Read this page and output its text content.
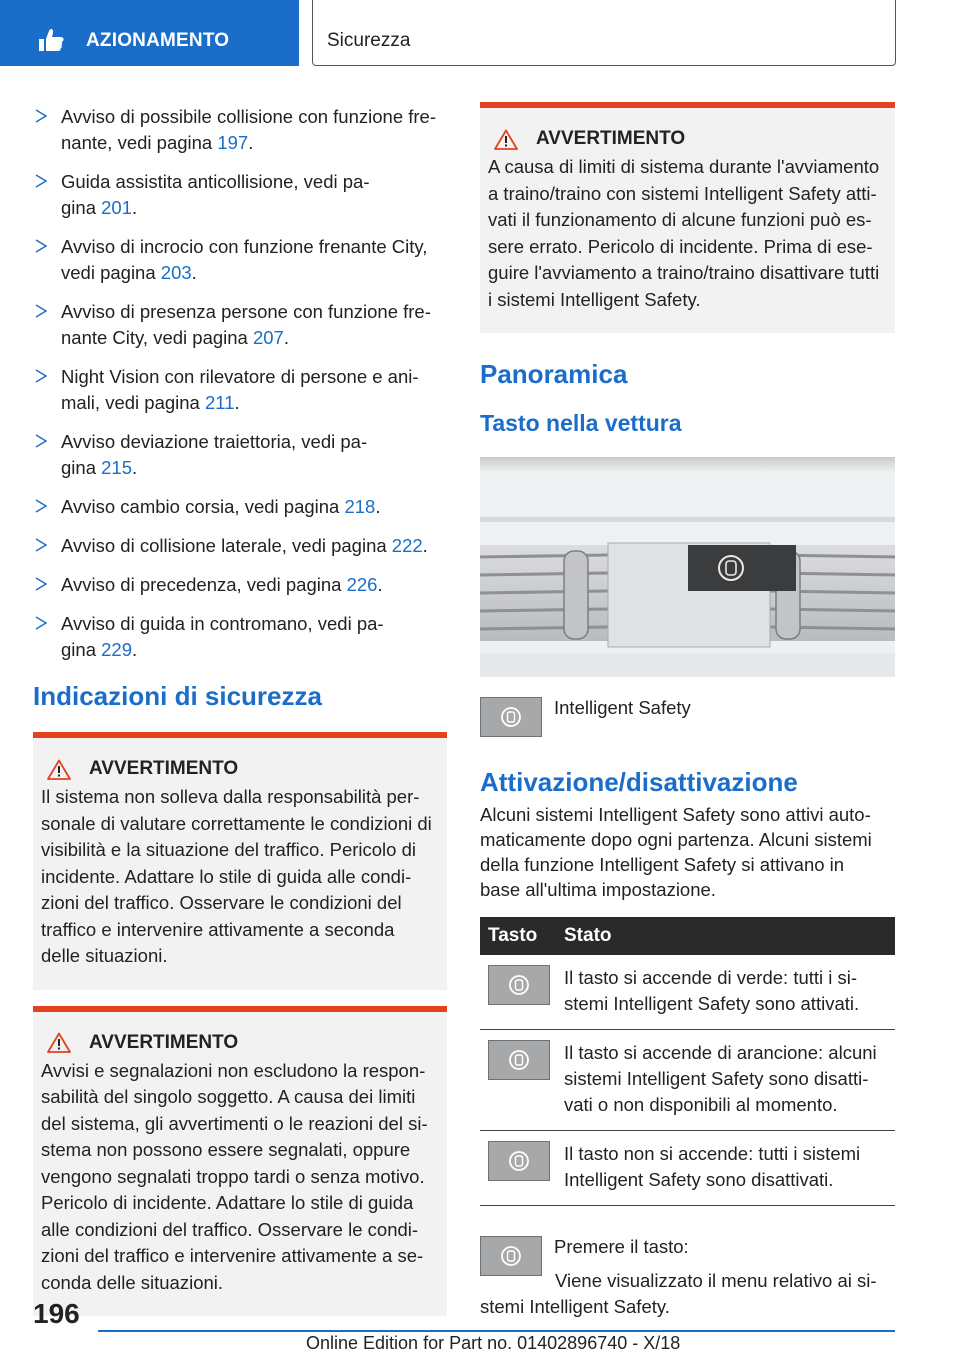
AZIONAMENTO	Sicurezza
Avviso di possibile collisione con funzione fre-
nante, vedi pagina 197.
Guida assistita anticollisione, vedi pa-
gina 201.
Avviso di incrocio con funzione frenante City,
vedi pagina 203.
Avviso di presenza persone con funzione fre-
nante City, vedi pagina 207.
Night Vision con rilevatore di persone e ani-
mali, vedi pagina 211.
Avviso deviazione traiettoria, vedi pa-
gina 215.
Avviso cambio corsia, vedi pagina 218.
Avviso di collisione laterale, vedi pagina 222.
Avviso di precedenza, vedi pagina 226.
Avviso di guida in contromano, vedi pa-
gina 229.
Indicazioni di sicurezza
AVVERTIMENTO
Il sistema non solleva dalla responsabilità per-
sonale di valutare correttamente le condizioni di
visibilità e la situazione del traffico. Pericolo di
incidente. Adattare lo stile di guida alle condi-
zioni del traffico. Osservare le condizioni del
traffico e intervenire attivamente a seconda
delle situazioni.
AVVERTIMENTO
Avvisi e segnalazioni non escludono la respon-
sabilità del singolo soggetto. A causa dei limiti
del sistema, gli avvertimenti o le reazioni del si-
stema non possono essere segnalati, oppure
vengono segnalati troppo tardi o senza motivo.
Pericolo di incidente. Adattare lo stile di guida
alle condizioni del traffico. Osservare le condi-
zioni del traffico e intervenire attivamente a se-
conda delle situazioni.
AVVERTIMENTO
A causa di limiti di sistema durante l'avviamento
a traino/traino con sistemi Intelligent Safety atti-
vati il funzionamento di alcune funzioni può es-
sere errato. Pericolo di incidente. Prima di ese-
guire l'avviamento a traino/traino disattivare tutti
i sistemi Intelligent Safety.
Panoramica
Tasto nella vettura
Intelligent Safety
Attivazione/disattivazione
Alcuni sistemi Intelligent Safety sono attivi auto-
maticamente dopo ogni partenza. Alcuni sistemi
della funzione Intelligent Safety si attivano in
base all'ultima impostazione.
Tasto	Stato

	Il tasto si accende di verde: tutti i si-
stemi Intelligent Safety sono attivati.

	Il tasto si accende di arancione: alcuni
sistemi Intelligent Safety sono disatti-
vati o non disponibili al momento.

	Il tasto non si accende: tutti i sistemi
Intelligent Safety sono disattivati.
Premere il tasto:
Viene visualizzato il menu relativo ai si-
stemi Intelligent Safety.
196
Online Edition for Part no. 01402896740 - X/18
